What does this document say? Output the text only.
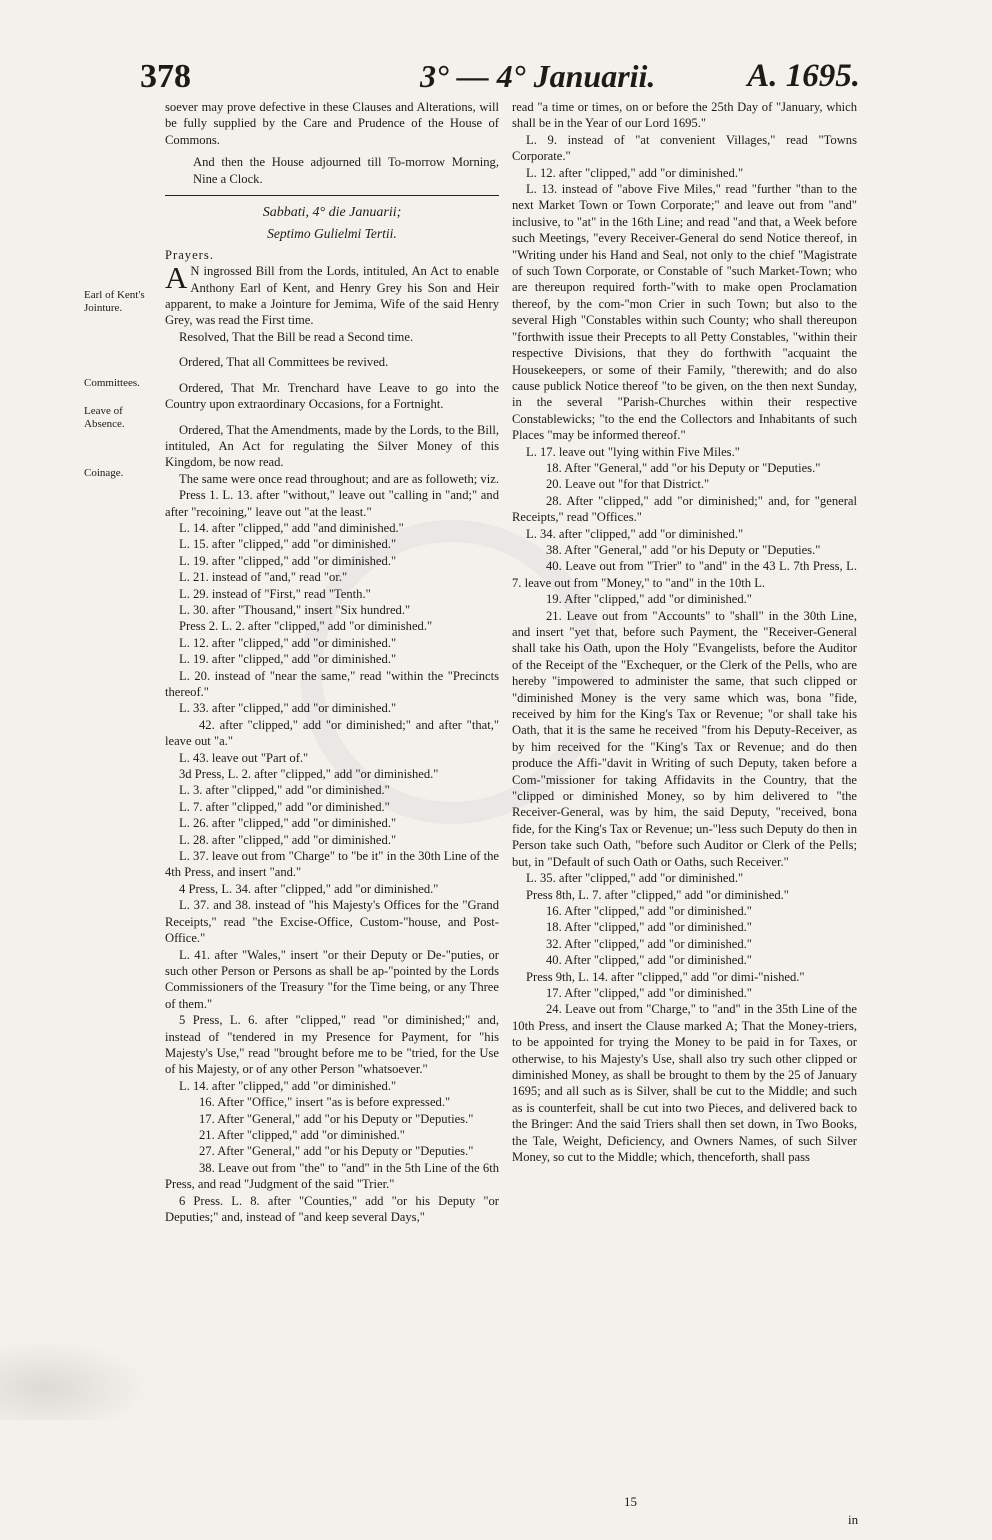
378	3° — 4° Januarii.	A. 1695.
Earl of Kent's Jointure.
Committees.
Leave of Absence.
Coinage.

soever may prove defective in these Clauses and Alterations, will be fully supplied by the Care and Prudence of the House of Commons.

And then the House adjourned till To-morrow Morning, Nine a Clock.

Sabbati, 4° die Januarii;

Septimo Gulielmi Tertii.

Prayers.

A N ingrossed Bill from the Lords, intituled, An Act to enable Anthony Earl of Kent, and Henry Grey his Son and Heir apparent, to make a Jointure for Jemima, Wife of the said Henry Grey, was read the First time.

Resolved, That the Bill be read a Second time.

Ordered, That all Committees be revived.

Ordered, That Mr. Trenchard have Leave to go into the Country upon extraordinary Occasions, for a Fortnight.

Ordered, That the Amendments, made by the Lords, to the Bill, intituled, An Act for regulating the Silver Money of this Kingdom, be now read.

The same were once read throughout; and are as followeth; viz.

Press 1. L. 13. after "without," leave out "calling in "and;" and after "recoining," leave out "at the least."

L. 14. after "clipped," add "and diminished."

L. 15. after "clipped," add "or diminished."

L. 19. after "clipped," add "or diminished."

L. 21. instead of "and," read "or."

L. 29. instead of "First," read "Tenth."

L. 30. after "Thousand," insert "Six hundred."

Press 2. L. 2. after "clipped," add "or diminished."

L. 12. after "clipped," add "or diminished."

L. 19. after "clipped," add "or diminished."

L. 20. instead of "near the same," read "within the "Precincts thereof."

L. 33. after "clipped," add "or diminished."

42. after "clipped," add "or diminished;" and after "that," leave out "a."

L. 43. leave out "Part of."

3d Press, L. 2. after "clipped," add "or diminished."

L. 3. after "clipped," add "or diminished."

L. 7. after "clipped," add "or diminished."

L. 26. after "clipped," add "or diminished."

L. 28. after "clipped," add "or diminished."

L. 37. leave out from "Charge" to "be it" in the 30th Line of the 4th Press, and insert "and."

4 Press, L. 34. after "clipped," add "or diminished."

L. 37. and 38. instead of "his Majesty's Offices for the "Grand Receipts," read "the Excise-Office, Custom-"house, and Post-Office."

L. 41. after "Wales," insert "or their Deputy or De-"puties, or such other Person or Persons as shall be ap-"pointed by the Lords Commissioners of the Treasury "for the Time being, or any Three of them."

5 Press, L. 6. after "clipped," read "or diminished;" and, instead of "tendered in my Presence for Payment, for "his Majesty's Use," read "brought before me to be "tried, for the Use of his Majesty, or of any other Person "whatsoever."

L. 14. after "clipped," add "or diminished."

16. After "Office," insert "as is before expressed."

17. After "General," add "or his Deputy or "Deputies."

21. After "clipped," add "or diminished."

27. After "General," add "or his Deputy or "Deputies."

38. Leave out from "the" to "and" in the 5th Line of the 6th Press, and read "Judgment of the said "Trier."

6 Press. L. 8. after "Counties," add "or his Deputy "or Deputies;" and, instead of "and keep several Days,"

read "a time or times, on or before the 25th Day of "January, which shall be in the Year of our Lord 1695."

L. 9. instead of "at convenient Villages," read "Towns Corporate."

L. 12. after "clipped," add "or diminished."

L. 13. instead of "above Five Miles," read "further "than to the next Market Town or Town Corporate;" and leave out from "and" inclusive, to "at" in the 16th Line; and read "and that, a Week before such Meetings, "every Receiver-General do send Notice thereof, in "Writing under his Hand and Seal, not only to the chief "Magistrate of such Town Corporate, or Constable of "such Market-Town; who are thereupon required forth-"with to make open Proclamation thereof, by the com-"mon Crier in such Town; but also to the several High "Constables within such County; who shall thereupon "forthwith issue their Precepts to all Petty Constables, "within their respective Divisions, that they do forthwith "acquaint the Housekeepers, or some of their Family, "therewith; and do also cause publick Notice thereof "to be given, on the then next Sunday, in the several "Parish-Churches within their respective Constablewicks; "to the end the Collectors and Inhabitants of such Places "may be informed thereof."

L. 17. leave out "lying within Five Miles."

18. After "General," add "or his Deputy or "Deputies."

20. Leave out "for that District."

28. After "clipped," add "or diminished;" and, for "general Receipts," read "Offices."

L. 34. after "clipped," add "or diminished."

38. After "General," add "or his Deputy or "Deputies."

40. Leave out from "Trier" to "and" in the 43 L. 7th Press, L. 7. leave out from "Money," to "and" in the 10th L.

19. After "clipped," add "or diminished."

21. Leave out from "Accounts" to "shall" in the 30th Line, and insert "yet that, before such Payment, the "Receiver-General shall take his Oath, upon the Holy "Evangelists, before the Auditor of the Receipt of the "Exchequer, or the Clerk of the Pells, who are hereby "impowered to administer the same, that such clipped or "diminished Money is the very same which was, bona "fide, received by him for the King's Tax or Revenue; "or shall take his Oath, that it is the same he received "from his Deputy-Receiver, as by him received for the "King's Tax or Revenue; and do then produce the Affi-"davit in Writing of such Deputy, taken before a Com-"missioner for taking Affidavits in the Country, that the "clipped or diminished Money, so by him delivered to "the Receiver-General, was by him, the said Deputy, "received, bona fide, for the King's Tax or Revenue; un-"less such Deputy do then in Person take such Oath, "before such Auditor or Clerk of the Pells; but, in "Default of such Oath or Oaths, such Receiver."

L. 35. after "clipped," add "or diminished."

Press 8th, L. 7. after "clipped," add "or diminished."

16. After "clipped," add "or diminished."

18. After "clipped," add "or diminished."

32. After "clipped," add "or diminished."

40. After "clipped," add "or diminished."

Press 9th, L. 14. after "clipped," add "or dimi-"nished."

17. After "clipped," add "or diminished."

24. Leave out from "Charge," to "and" in the 35th Line of the 10th Press, and insert the Clause marked A; That the Money-triers, to be appointed for trying the Money to be paid in for Taxes, or otherwise, to his Majesty's Use, shall also try such other clipped or diminished Money, as shall be brought to them by the 25 of January 1695; and all such as is Silver, shall be cut to the Middle; and such as is counterfeit, shall be cut into two Pieces, and delivered back to the Bringer: And the said Triers shall then set down, in Two Books, the Tale, Weight, Deficiency, and Owners Names, of such Silver Money, so cut to the Middle; which, thenceforth, shall pass

15
in
